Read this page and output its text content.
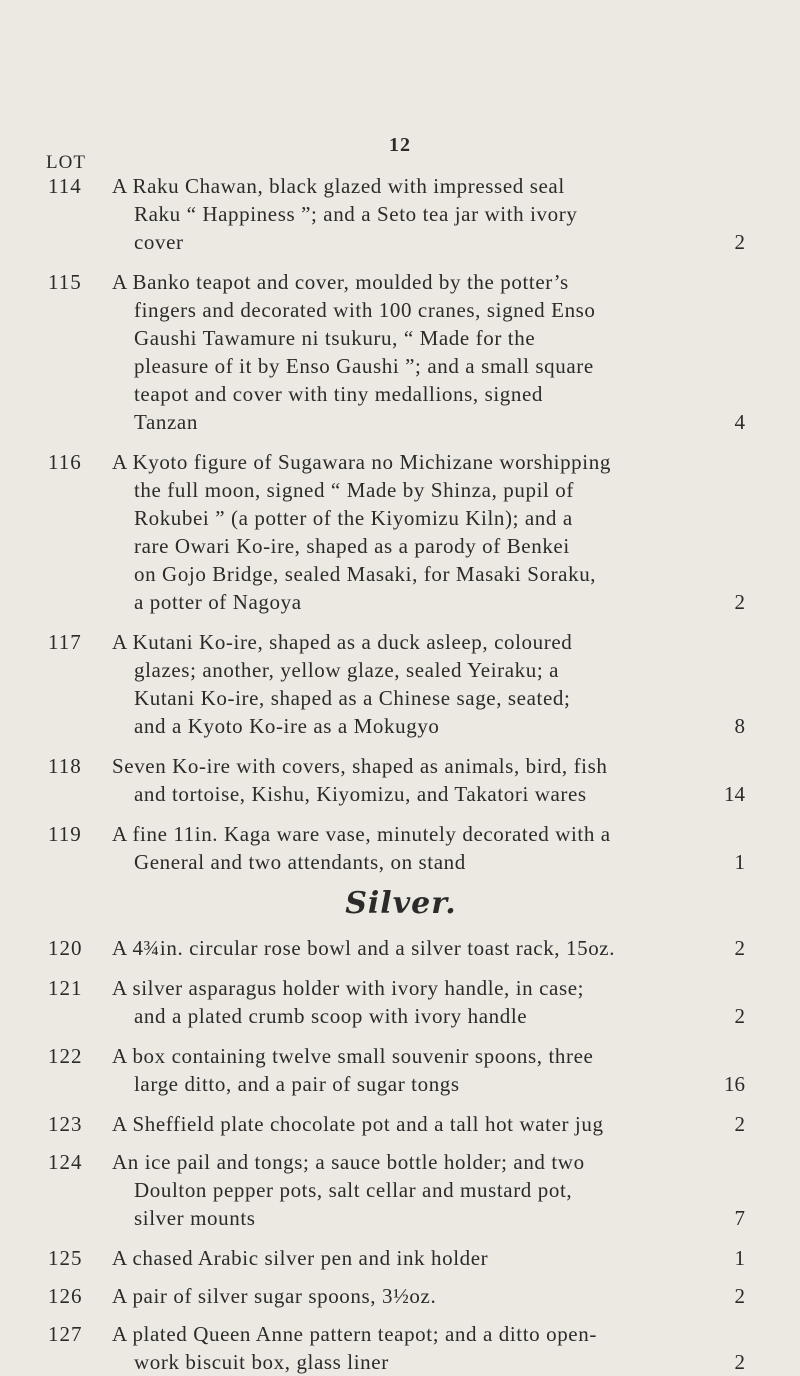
12
LOT
114 A Raku Chawan, black glazed with impressed seal
Raku “ Happiness ”; and a Seto tea jar with ivory
cover	2
115 A Banko teapot and cover, moulded by the potter’s
fingers and decorated with 100 cranes, signed Enso
Gaushi Tawamure ni tsukuru, “ Made for the
pleasure of it by Enso Gaushi ”; and a small square
teapot and cover with tiny medallions, signed
Tanzan	4
116 A Kyoto figure of Sugawara no Michizane worshipping
the full moon, signed “ Made by Shinza, pupil of
Rokubei ” (a potter of the Kiyomizu Kiln); and a
rare Owari Ko-ire, shaped as a parody of Benkei
on Gojo Bridge, sealed Masaki, for Masaki Soraku,
a potter of Nagoya	2
117 A Kutani Ko-ire, shaped as a duck asleep, coloured
glazes; another, yellow glaze, sealed Yeiraku; a
Kutani Ko-ire, shaped as a Chinese sage, seated;
and a Kyoto Ko-ire as a Mokugyo	8
118 Seven Ko-ire with covers, shaped as animals, bird, fish
and tortoise, Kishu, Kiyomizu, and Takatori wares	14
119 A fine 11in. Kaga ware vase, minutely decorated with a
General and two attendants, on stand	1
Silver.
120 A 4¾in. circular rose bowl and a silver toast rack, 15oz.	2
121 A silver asparagus holder with ivory handle, in case;
and a plated crumb scoop with ivory handle	2
122 A box containing twelve small souvenir spoons, three
large ditto, and a pair of sugar tongs	16
123 A Sheffield plate chocolate pot and a tall hot water jug	2
124 An ice pail and tongs; a sauce bottle holder; and two
Doulton pepper pots, salt cellar and mustard pot,
silver mounts	7
125 A chased Arabic silver pen and ink holder	1
126 A pair of silver sugar spoons, 3½oz.	2
127 A plated Queen Anne pattern teapot; and a ditto open-
work biscuit box, glass liner	2
